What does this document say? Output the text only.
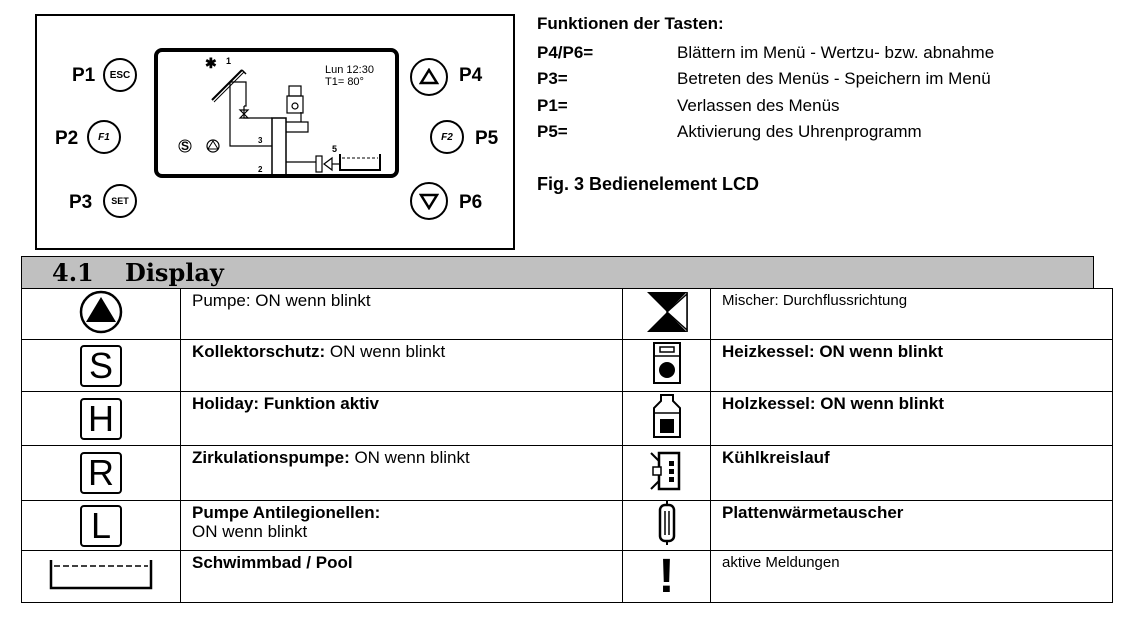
P1	ESC
P2	F1
P3	SET
P4
F2	P5
P6
Lun 12:30
T1= 80°
✱ 1
3
2
S	5
Funktionen der Tasten:
P4/P6=	Blättern im Menü - Wertzu- bzw. abnahme
P3=	Betreten des Menüs - Speichern im Menü
P1=	Verlassen des Menüs
P5=	Aktivierung des Uhrenprogramm
Fig. 3 Bedienelement LCD
4.1 Display
	Pumpe: ON wenn blinkt		Mischer: Durchflussrichtung
S	Kollektorschutz: ON wenn blinkt		Heizkessel: ON wenn blinkt
H	Holiday: Funktion aktiv		Holzkessel: ON wenn blinkt
R	Zirkulationspumpe: ON wenn blinkt		Kühlkreislauf
L	Pumpe Antilegionellen:
ON wenn blinkt		Plattenwärmetauscher
	Schwimmbad / Pool	!	aktive Meldungen
